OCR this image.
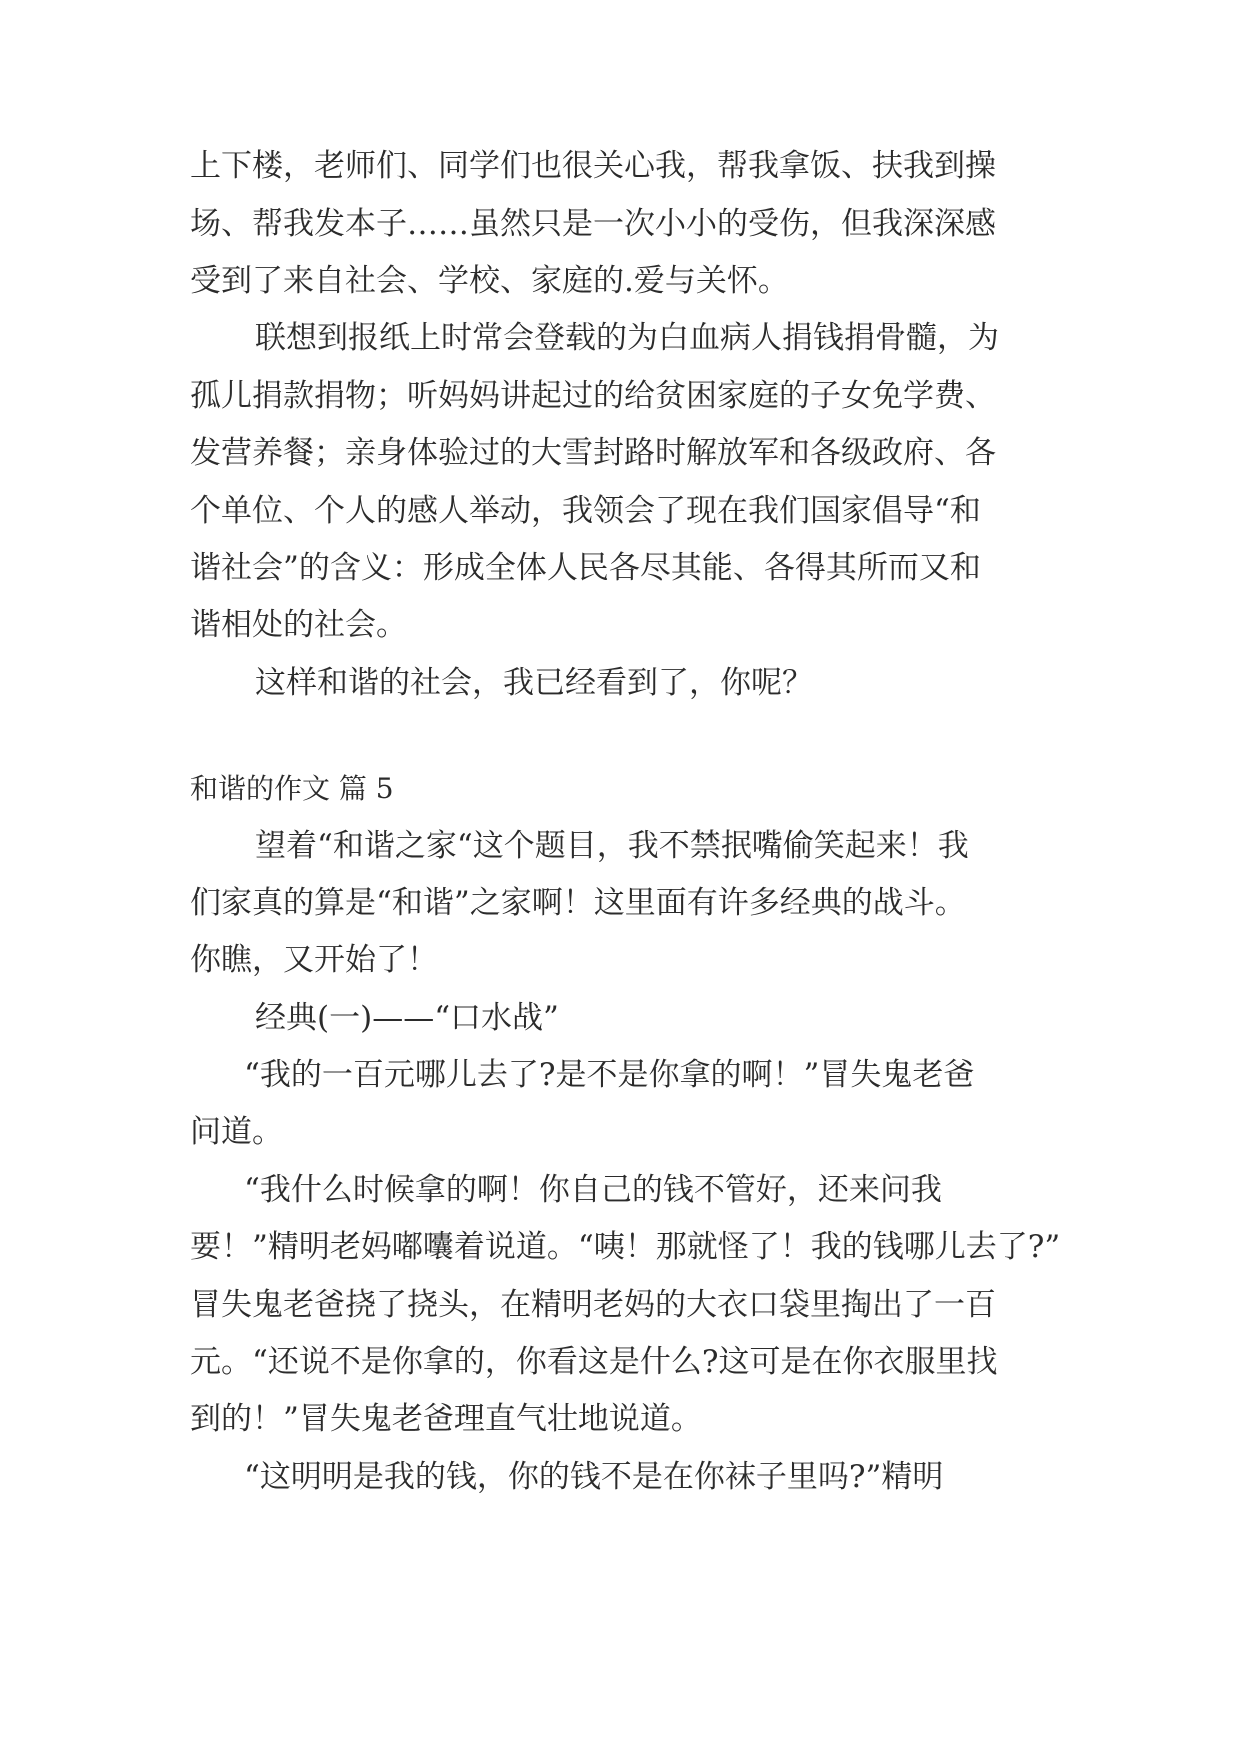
上下楼，老师们、同学们也很关心我，帮我拿饭、扶我到操
场、帮我发本子……虽然只是一次小小的受伤，但我深深感
受到了来自社会、学校、家庭的.爱与关怀。
联想到报纸上时常会登载的为白血病人捐钱捐骨髓，为
孤儿捐款捐物；听妈妈讲起过的给贫困家庭的子女免学费、
发营养餐；亲身体验过的大雪封路时解放军和各级政府、各
个单位、个人的感人举动，我领会了现在我们国家倡导“和
谐社会”的含义：形成全体人民各尽其能、各得其所而又和
谐相处的社会。
这样和谐的社会，我已经看到了，你呢？
和谐的作文 篇 5
望着“和谐之家“这个题目，我不禁抿嘴偷笑起来！我
们家真的算是“和谐”之家啊！这里面有许多经典的战斗。
你瞧，又开始了！
经典(一)——“口水战”
“我的一百元哪儿去了?是不是你拿的啊！”冒失鬼老爸
问道。
“我什么时候拿的啊！你自己的钱不管好，还来问我
要！”精明老妈嘟囔着说道。“咦！那就怪了！我的钱哪儿去了?”
冒失鬼老爸挠了挠头，在精明老妈的大衣口袋里掏出了一百
元。“还说不是你拿的，你看这是什么?这可是在你衣服里找
到的！”冒失鬼老爸理直气壮地说道。
“这明明是我的钱，你的钱不是在你袜子里吗?”精明
